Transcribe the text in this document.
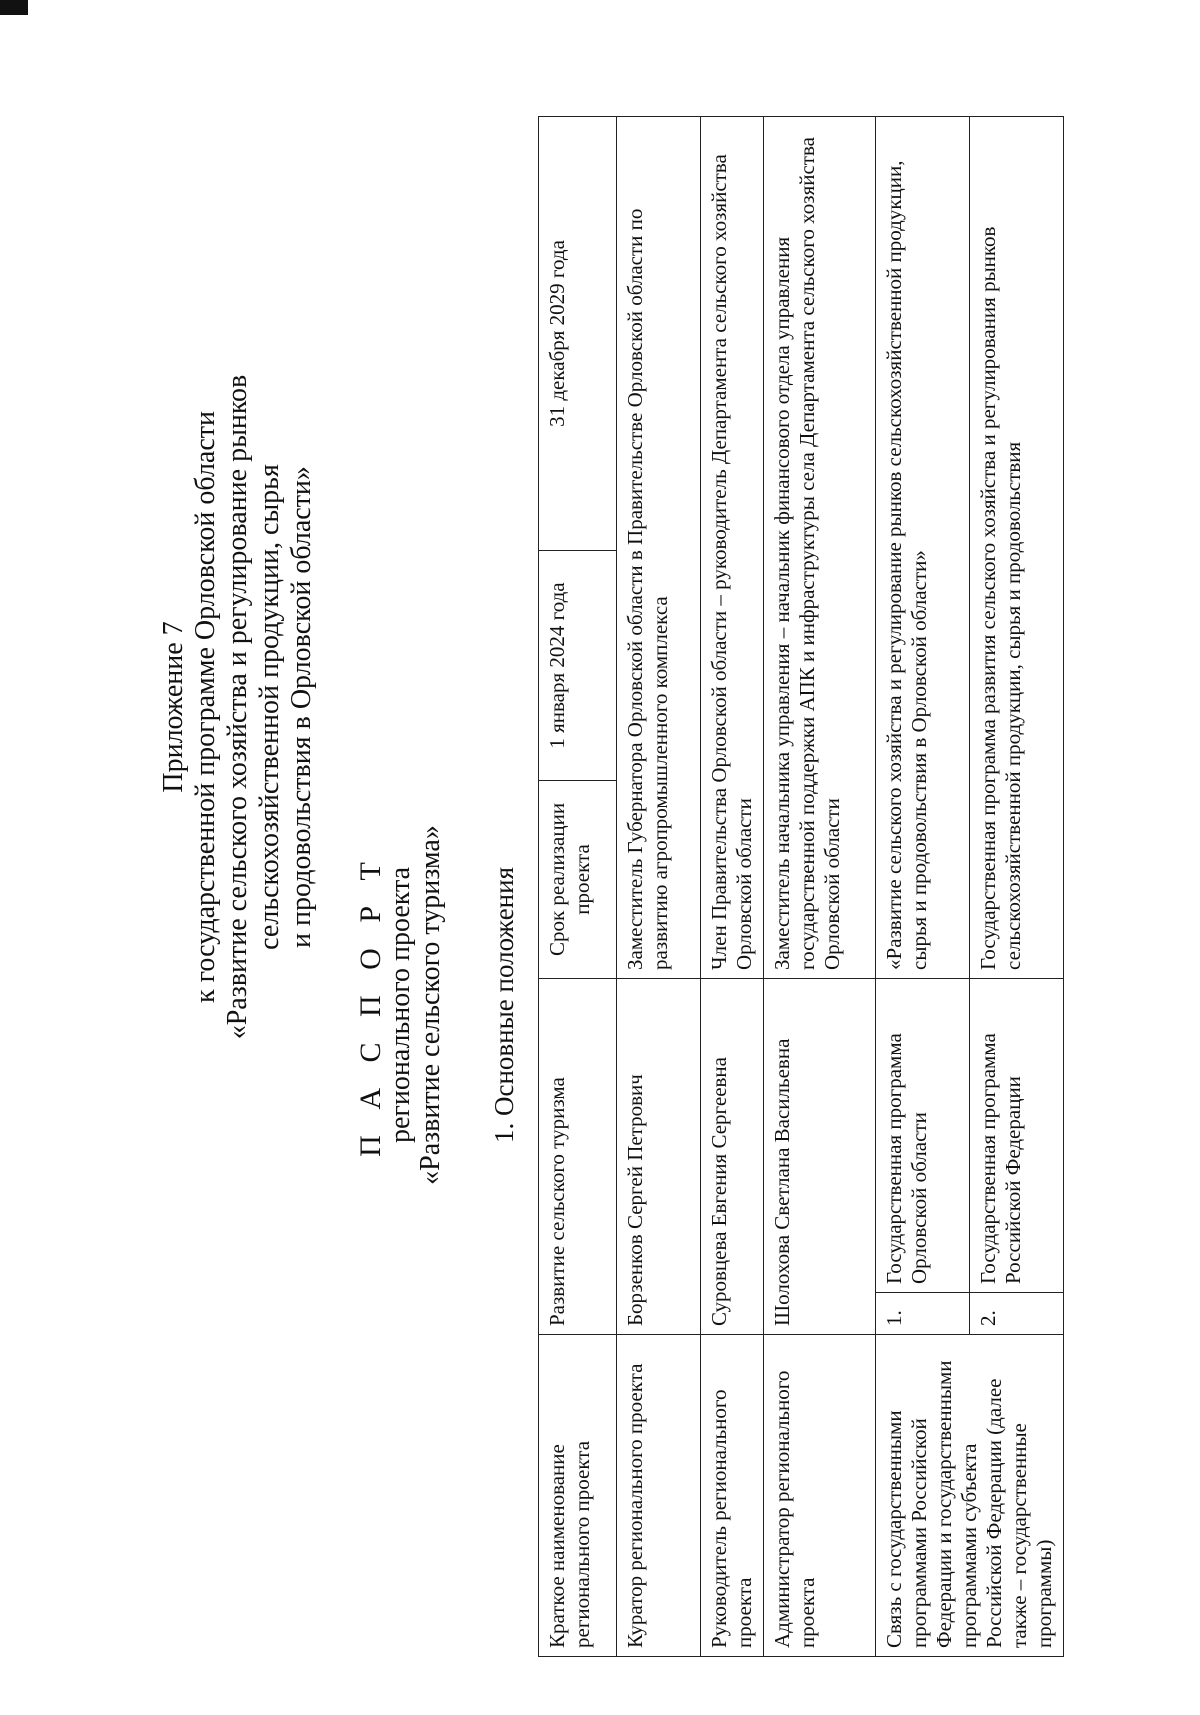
Приложение 7 к государственной программе Орловской области «Развитие сельского хозяйства и регулирование рынков сельскохозяйственной продукции, сырья и продовольствия в Орловской области»
П А С П О Р Т
регионального проекта «Развитие сельского туризма» 1. Основные положения
Краткое наименование регионального проекта	Развитие сельского туризма		Срок реализации проекта	1 января 2024 года	31 декабря 2029 года
Куратор регионального проекта	Борзенков Сергей Петрович		Заместитель Губернатора Орловской области в Правительстве Орловской области по развитию агропромышленного комплекса		
Руководитель регионального проекта	Суровцева Евгения Сергеевна		Член Правительства Орловской области – руководитель Департамента сельского хозяйства Орловской области		
Администратор регионального проекта	Шолохова Светлана Васильевна		Заместитель начальника управления – начальник финансового отдела управления государственной поддержки АПК и инфраструктуры села Департамента сельского хозяйства Орловской области		
Связь с государственными программами Российской Федерации и государственными программами субъекта Российской Федерации (далее также – государственные программы)	1.	Государственная программа Орловской области	«Развитие сельского хозяйства и регулирование рынков сельскохозяйственной продукции, сырья и продовольствия в Орловской области»		
	2.	Государственная программа Российской Федерации	Государственная программа развития сельского хозяйства и регулирования рынков сельскохозяйственной продукции, сырья и продовольствия		
